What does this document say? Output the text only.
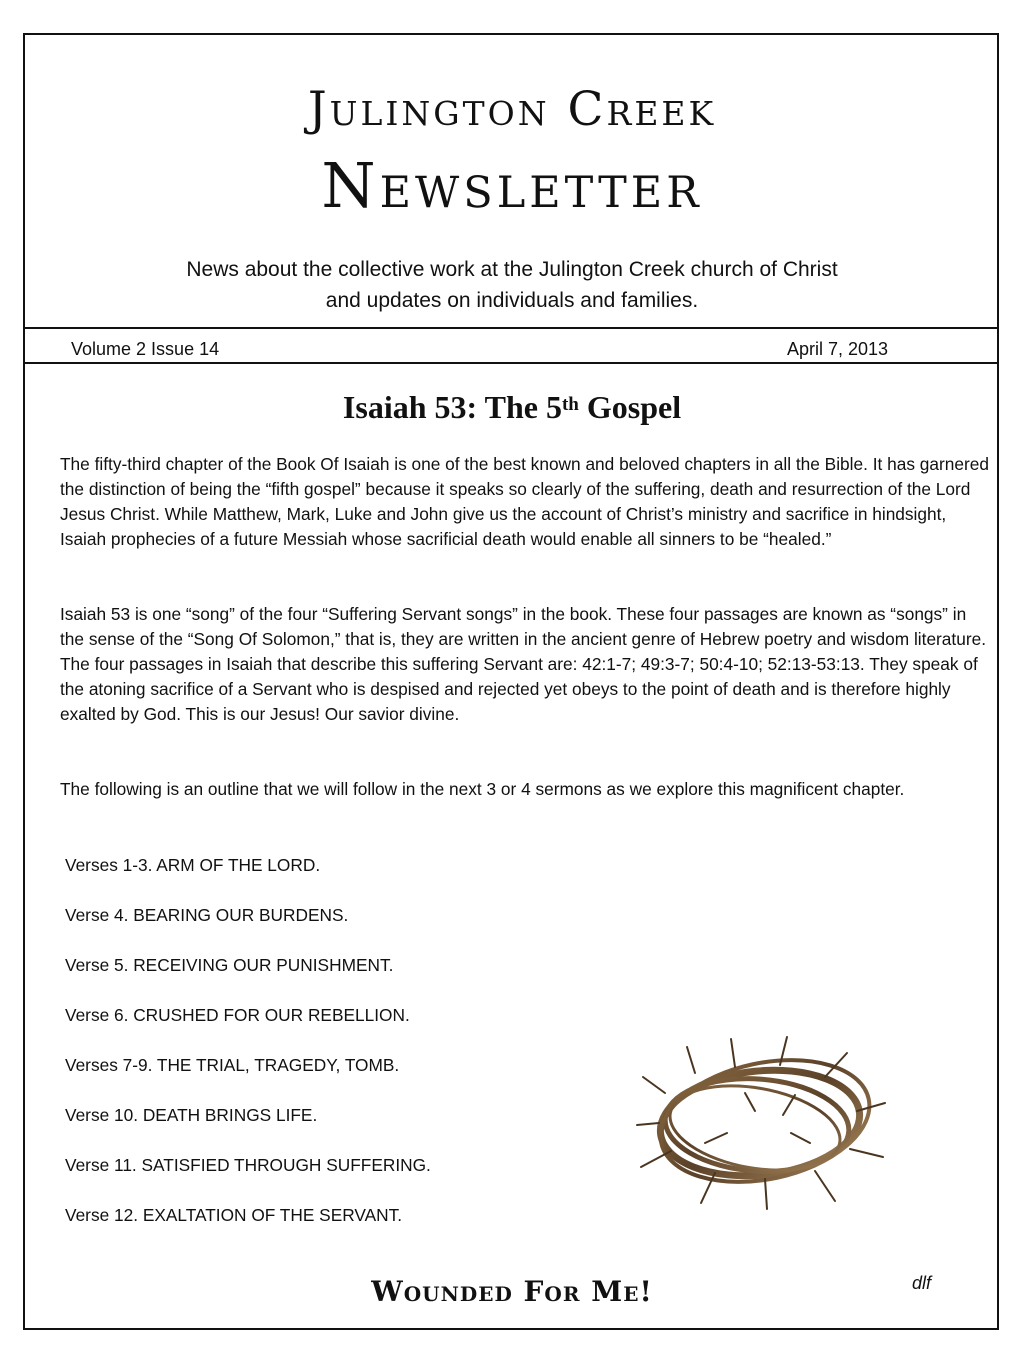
Julington Creek
Newsletter
News about the collective work at the Julington Creek church of Christ
and updates on individuals and families.
Volume 2 Issue 14	April 7, 2013
Isaiah 53: The 5th Gospel

The fifty-third chapter of the Book Of Isaiah is one of the best known and beloved chapters in all the Bible. It has garnered the distinction of being the “fifth gospel” because it speaks so clearly of the suffering, death and resurrection of the Lord Jesus Christ. While Matthew, Mark, Luke and John give us the account of Christ’s ministry and sacrifice in hindsight, Isaiah prophecies of a future Messiah whose sacrificial death would enable all sinners to be “healed.”

Isaiah 53 is one “song” of the four “Suffering Servant songs” in the book. These four passages are known as “songs” in the sense of the “Song Of Solomon,” that is, they are written in the ancient genre of Hebrew poetry and wisdom literature. The four passages in Isaiah that describe this suffering Servant are: 42:1-7; 49:3-7; 50:4-10; 52:13-53:13. They speak of the atoning sacrifice of a Servant who is despised and rejected yet obeys to the point of death and is therefore highly exalted by God. This is our Jesus! Our savior divine.

The following is an outline that we will follow in the next 3 or 4 sermons as we explore this magnificent chapter.

Verses 1-3. ARM OF THE LORD.
Verse 4. BEARING OUR BURDENS.
Verse 5. RECEIVING OUR PUNISHMENT.
Verse 6. CRUSHED FOR OUR REBELLION.
Verses 7-9. THE TRIAL, TRAGEDY, TOMB.
Verse 10. DEATH BRINGS LIFE.
Verse 11. SATISFIED THROUGH SUFFERING.
Verse 12. EXALTATION OF THE SERVANT.
Wounded For Me!	dlf
